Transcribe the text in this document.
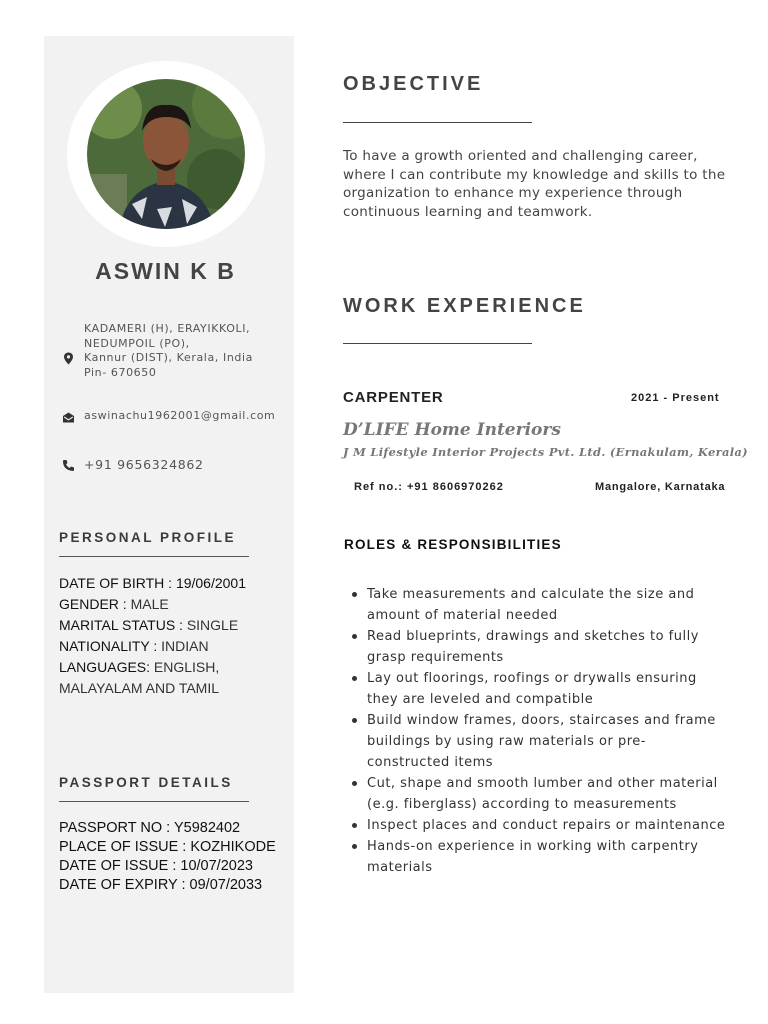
ASWIN K B
KADAMERI (H), ERAYIKKOLI,
NEDUMPOIL (PO),
Kannur (DIST), Kerala, India
Pin- 670650
aswinachu1962001@gmail.com
+91 9656324862
PERSONAL PROFILE
DATE OF BIRTH : 19/06/2001
GENDER : MALE
MARITAL STATUS : SINGLE
NATIONALITY : INDIAN
LANGUAGES: ENGLISH,
MALAYALAM AND TAMIL
PASSPORT DETAILS
PASSPORT NO : Y5982402
PLACE OF ISSUE : KOZHIKODE
DATE OF ISSUE : 10/07/2023
DATE OF EXPIRY : 09/07/2033
OBJECTIVE
To have a growth oriented and challenging career,
where I can contribute my knowledge and skills to the
organization to enhance my experience through
continuous learning and teamwork.
WORK EXPERIENCE
CARPENTER	2021 - Present
D’LIFE Home Interiors
J M Lifestyle Interior Projects Pvt. Ltd. (Ernakulam, Kerala)
Ref no.: +91 8606970262	Mangalore, Karnataka
ROLES & RESPONSIBILITIES
Take measurements and calculate the size and
amount of material needed
Read blueprints, drawings and sketches to fully
grasp requirements
Lay out floorings, roofings or drywalls ensuring
they are leveled and compatible
Build window frames, doors, staircases and frame
buildings by using raw materials or pre-
constructed items
Cut, shape and smooth lumber and other material
(e.g. fiberglass) according to measurements
Inspect places and conduct repairs or maintenance
Hands-on experience in working with carpentry
materials
